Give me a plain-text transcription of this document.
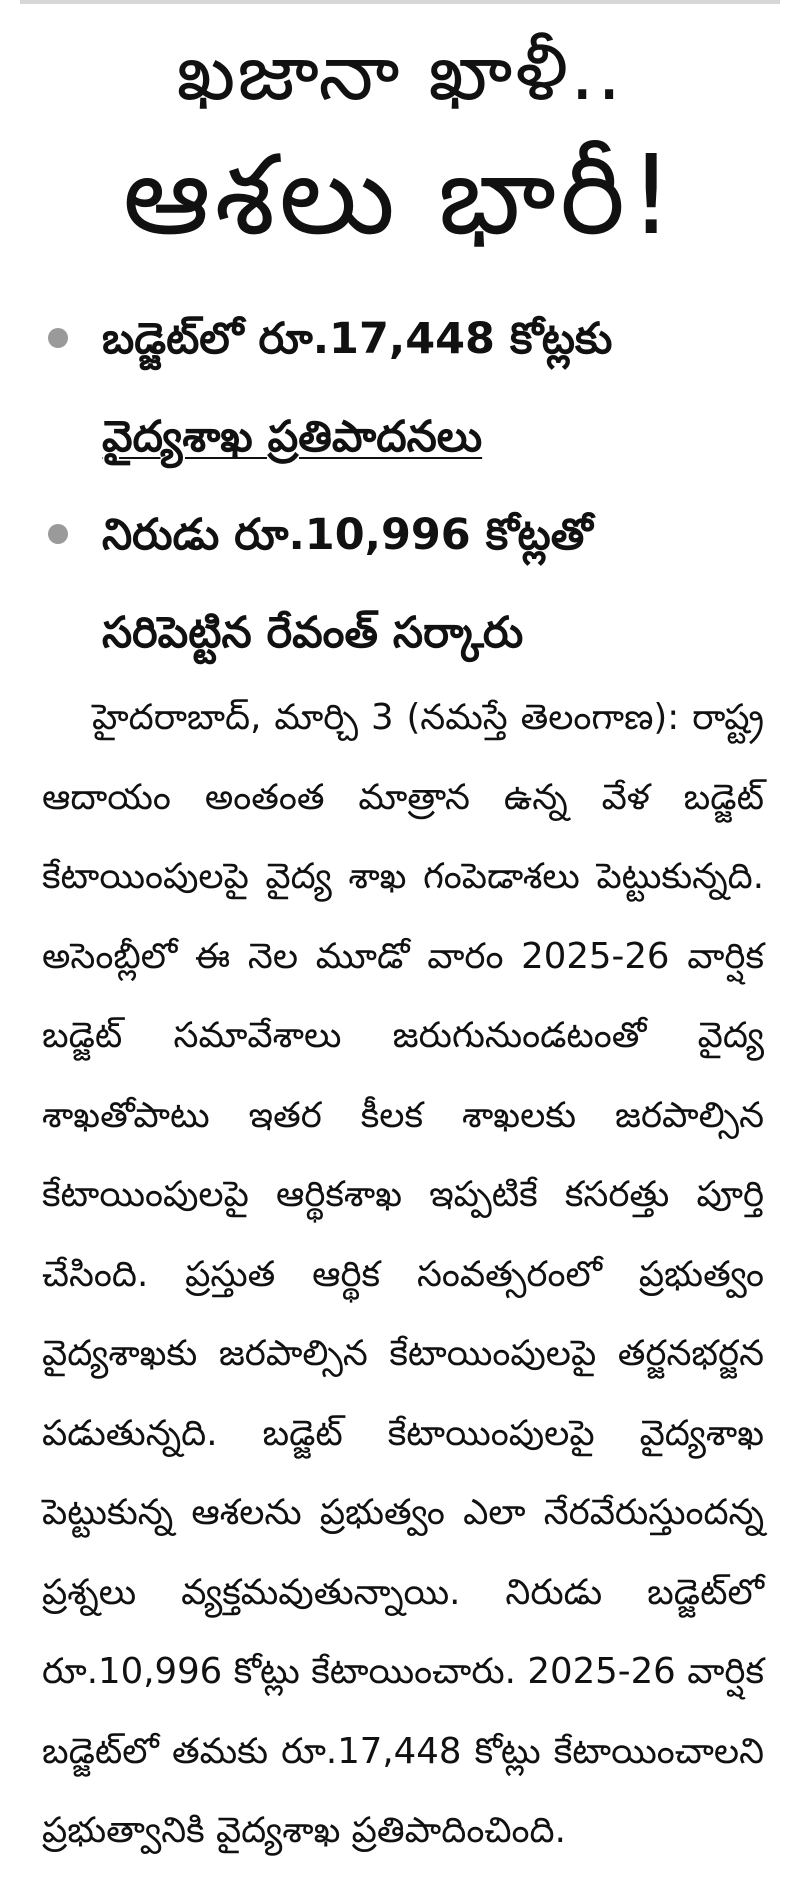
ఖజానా ఖాళీ..
ఆశలు భారీ!
బడ్జెట్‌లో రూ.17,448 కోట్లకు
వైద్యశాఖ ప్రతిపాదనలు
నిరుడు రూ.10,996 కోట్లతో
సరిపెట్టిన రేవంత్ సర్కారు
హైదరాబాద్, మార్చి 3 (నమస్తే తెలంగాణ): రాష్ట్ర ఆదాయం అంతంత మాత్రాన ఉన్న వేళ బడ్జెట్ కేటాయింపులపై వైద్య శాఖ గంపెడాశలు పెట్టుకున్నది. అసెంబ్లీలో ఈ నెల మూడో వారం 2025-26 వార్షిక బడ్జెట్ సమావేశాలు జరుగునుండటంతో వైద్య శాఖతోపాటు ఇతర కీలక శాఖలకు జరపాల్సిన కేటాయింపులపై ఆర్థికశాఖ ఇప్పటికే కసరత్తు పూర్తి చేసింది. ప్రస్తుత ఆర్థిక సంవత్సరంలో ప్రభుత్వం వైద్యశాఖకు జరపాల్సిన కేటాయింపులపై తర్జనభర్జన పడుతున్నది. బడ్జెట్ కేటాయింపులపై వైద్యశాఖ పెట్టుకున్న ఆశలను ప్రభుత్వం ఎలా నేరవేరుస్తుందన్న ప్రశ్నలు వ్యక్తమవుతున్నాయి. నిరుడు బడ్జెట్‌లో రూ.10,996 కోట్లు కేటాయించారు. 2025-26 వార్షిక బడ్జెట్‌లో తమకు రూ.17,448 కోట్లు కేటాయించాలని ప్రభుత్వానికి వైద్యశాఖ ప్రతిపాదించింది.
